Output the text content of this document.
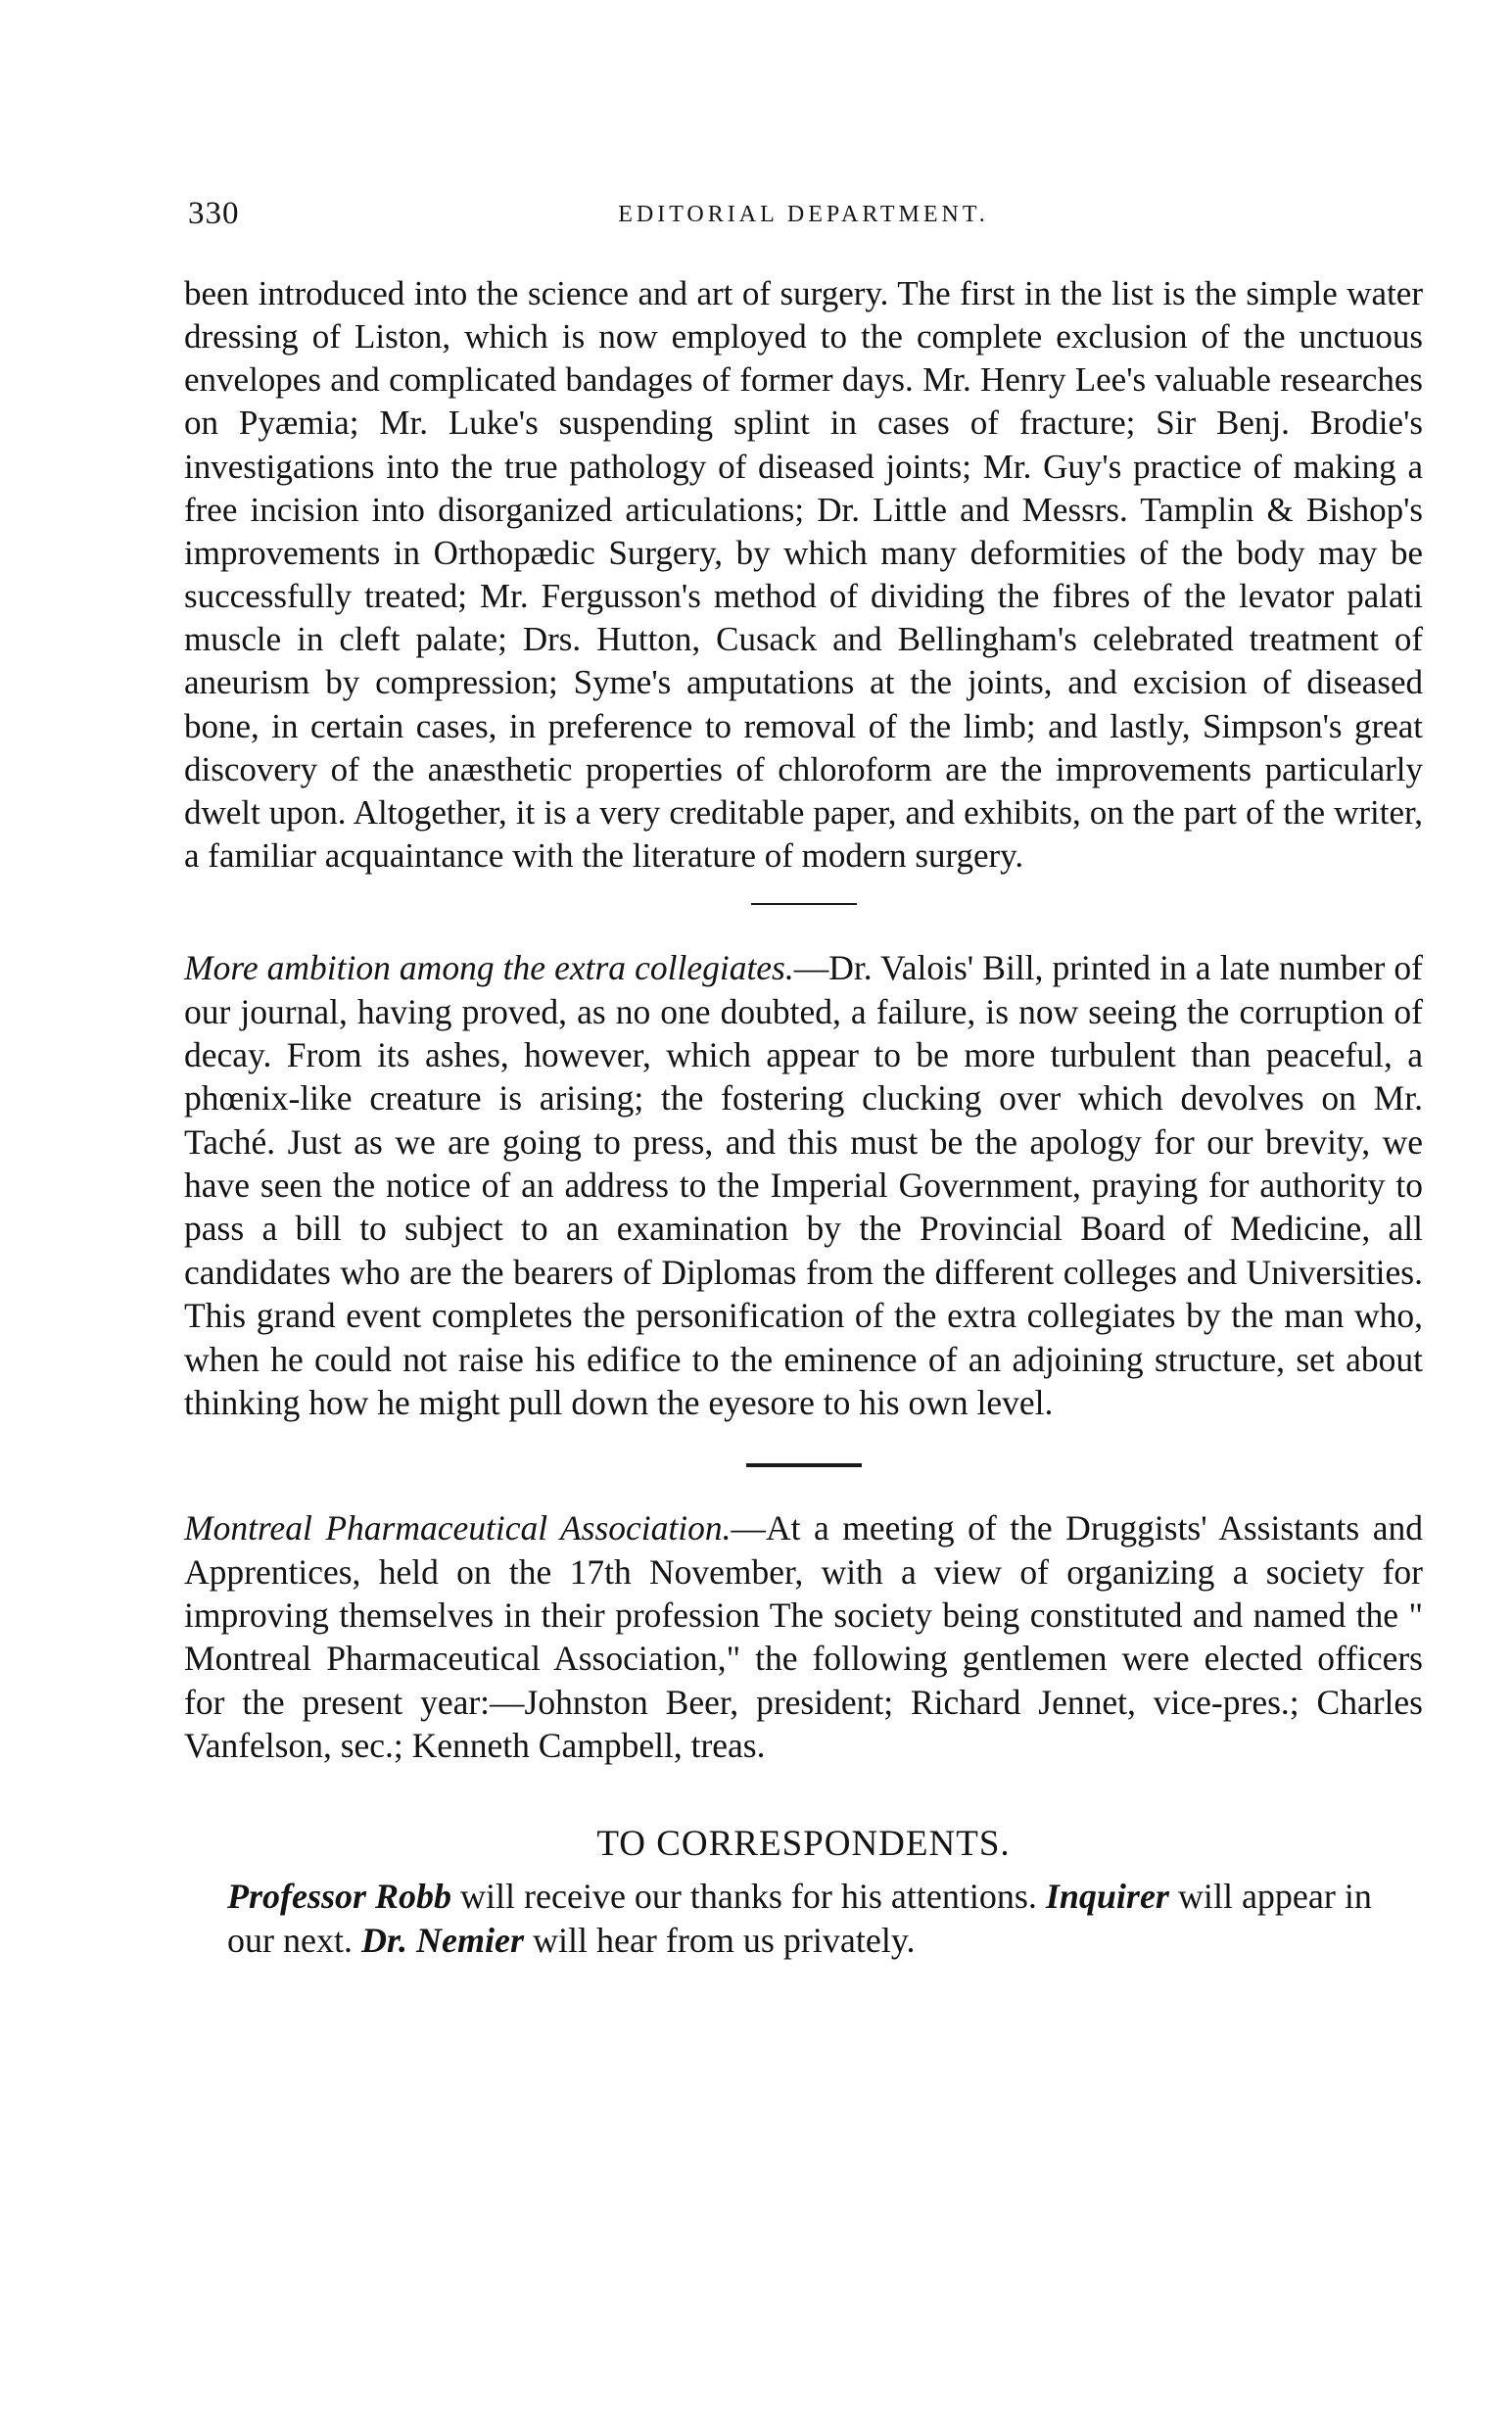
330	EDITORIAL DEPARTMENT.

been introduced into the science and art of surgery. The first in the list is the simple water dressing of Liston, which is now employed to the complete exclusion of the unctuous envelopes and complicated bandages of former days. Mr. Henry Lee's valuable researches on Pyæmia; Mr. Luke's suspending splint in cases of fracture; Sir Benj. Brodie's investigations into the true pathology of diseased joints; Mr. Guy's practice of making a free incision into disorganized articulations; Dr. Little and Messrs. Tamplin & Bishop's improvements in Orthopædic Surgery, by which many deformities of the body may be successfully treated; Mr. Fergusson's method of dividing the fibres of the levator palati muscle in cleft palate; Drs. Hutton, Cusack and Bellingham's celebrated treatment of aneurism by compression; Syme's amputations at the joints, and excision of diseased bone, in certain cases, in preference to removal of the limb; and lastly, Simpson's great discovery of the anæsthetic properties of chloroform are the improvements particularly dwelt upon. Altogether, it is a very creditable paper, and exhibits, on the part of the writer, a familiar acquaintance with the literature of modern surgery.

More ambition among the extra collegiates.—Dr. Valois' Bill, printed in a late number of our journal, having proved, as no one doubted, a failure, is now seeing the corruption of decay. From its ashes, however, which appear to be more turbulent than peaceful, a phœnix-like creature is arising; the fostering clucking over which devolves on Mr. Taché. Just as we are going to press, and this must be the apology for our brevity, we have seen the notice of an address to the Imperial Government, praying for authority to pass a bill to subject to an examination by the Provincial Board of Medicine, all candidates who are the bearers of Diplomas from the different colleges and Universities. This grand event completes the personification of the extra collegiates by the man who, when he could not raise his edifice to the eminence of an adjoining structure, set about thinking how he might pull down the eyesore to his own level.

Montreal Pharmaceutical Association.—At a meeting of the Druggists' Assistants and Apprentices, held on the 17th November, with a view of organizing a society for improving themselves in their profession The society being constituted and named the " Montreal Pharmaceutical Association," the following gentlemen were elected officers for the present year:—Johnston Beer, president; Richard Jennet, vice-pres.; Charles Vanfelson, sec.; Kenneth Campbell, treas.

TO CORRESPONDENTS.

Professor Robb will receive our thanks for his attentions. Inquirer will appear in our next. Dr. Nemier will hear from us privately.
